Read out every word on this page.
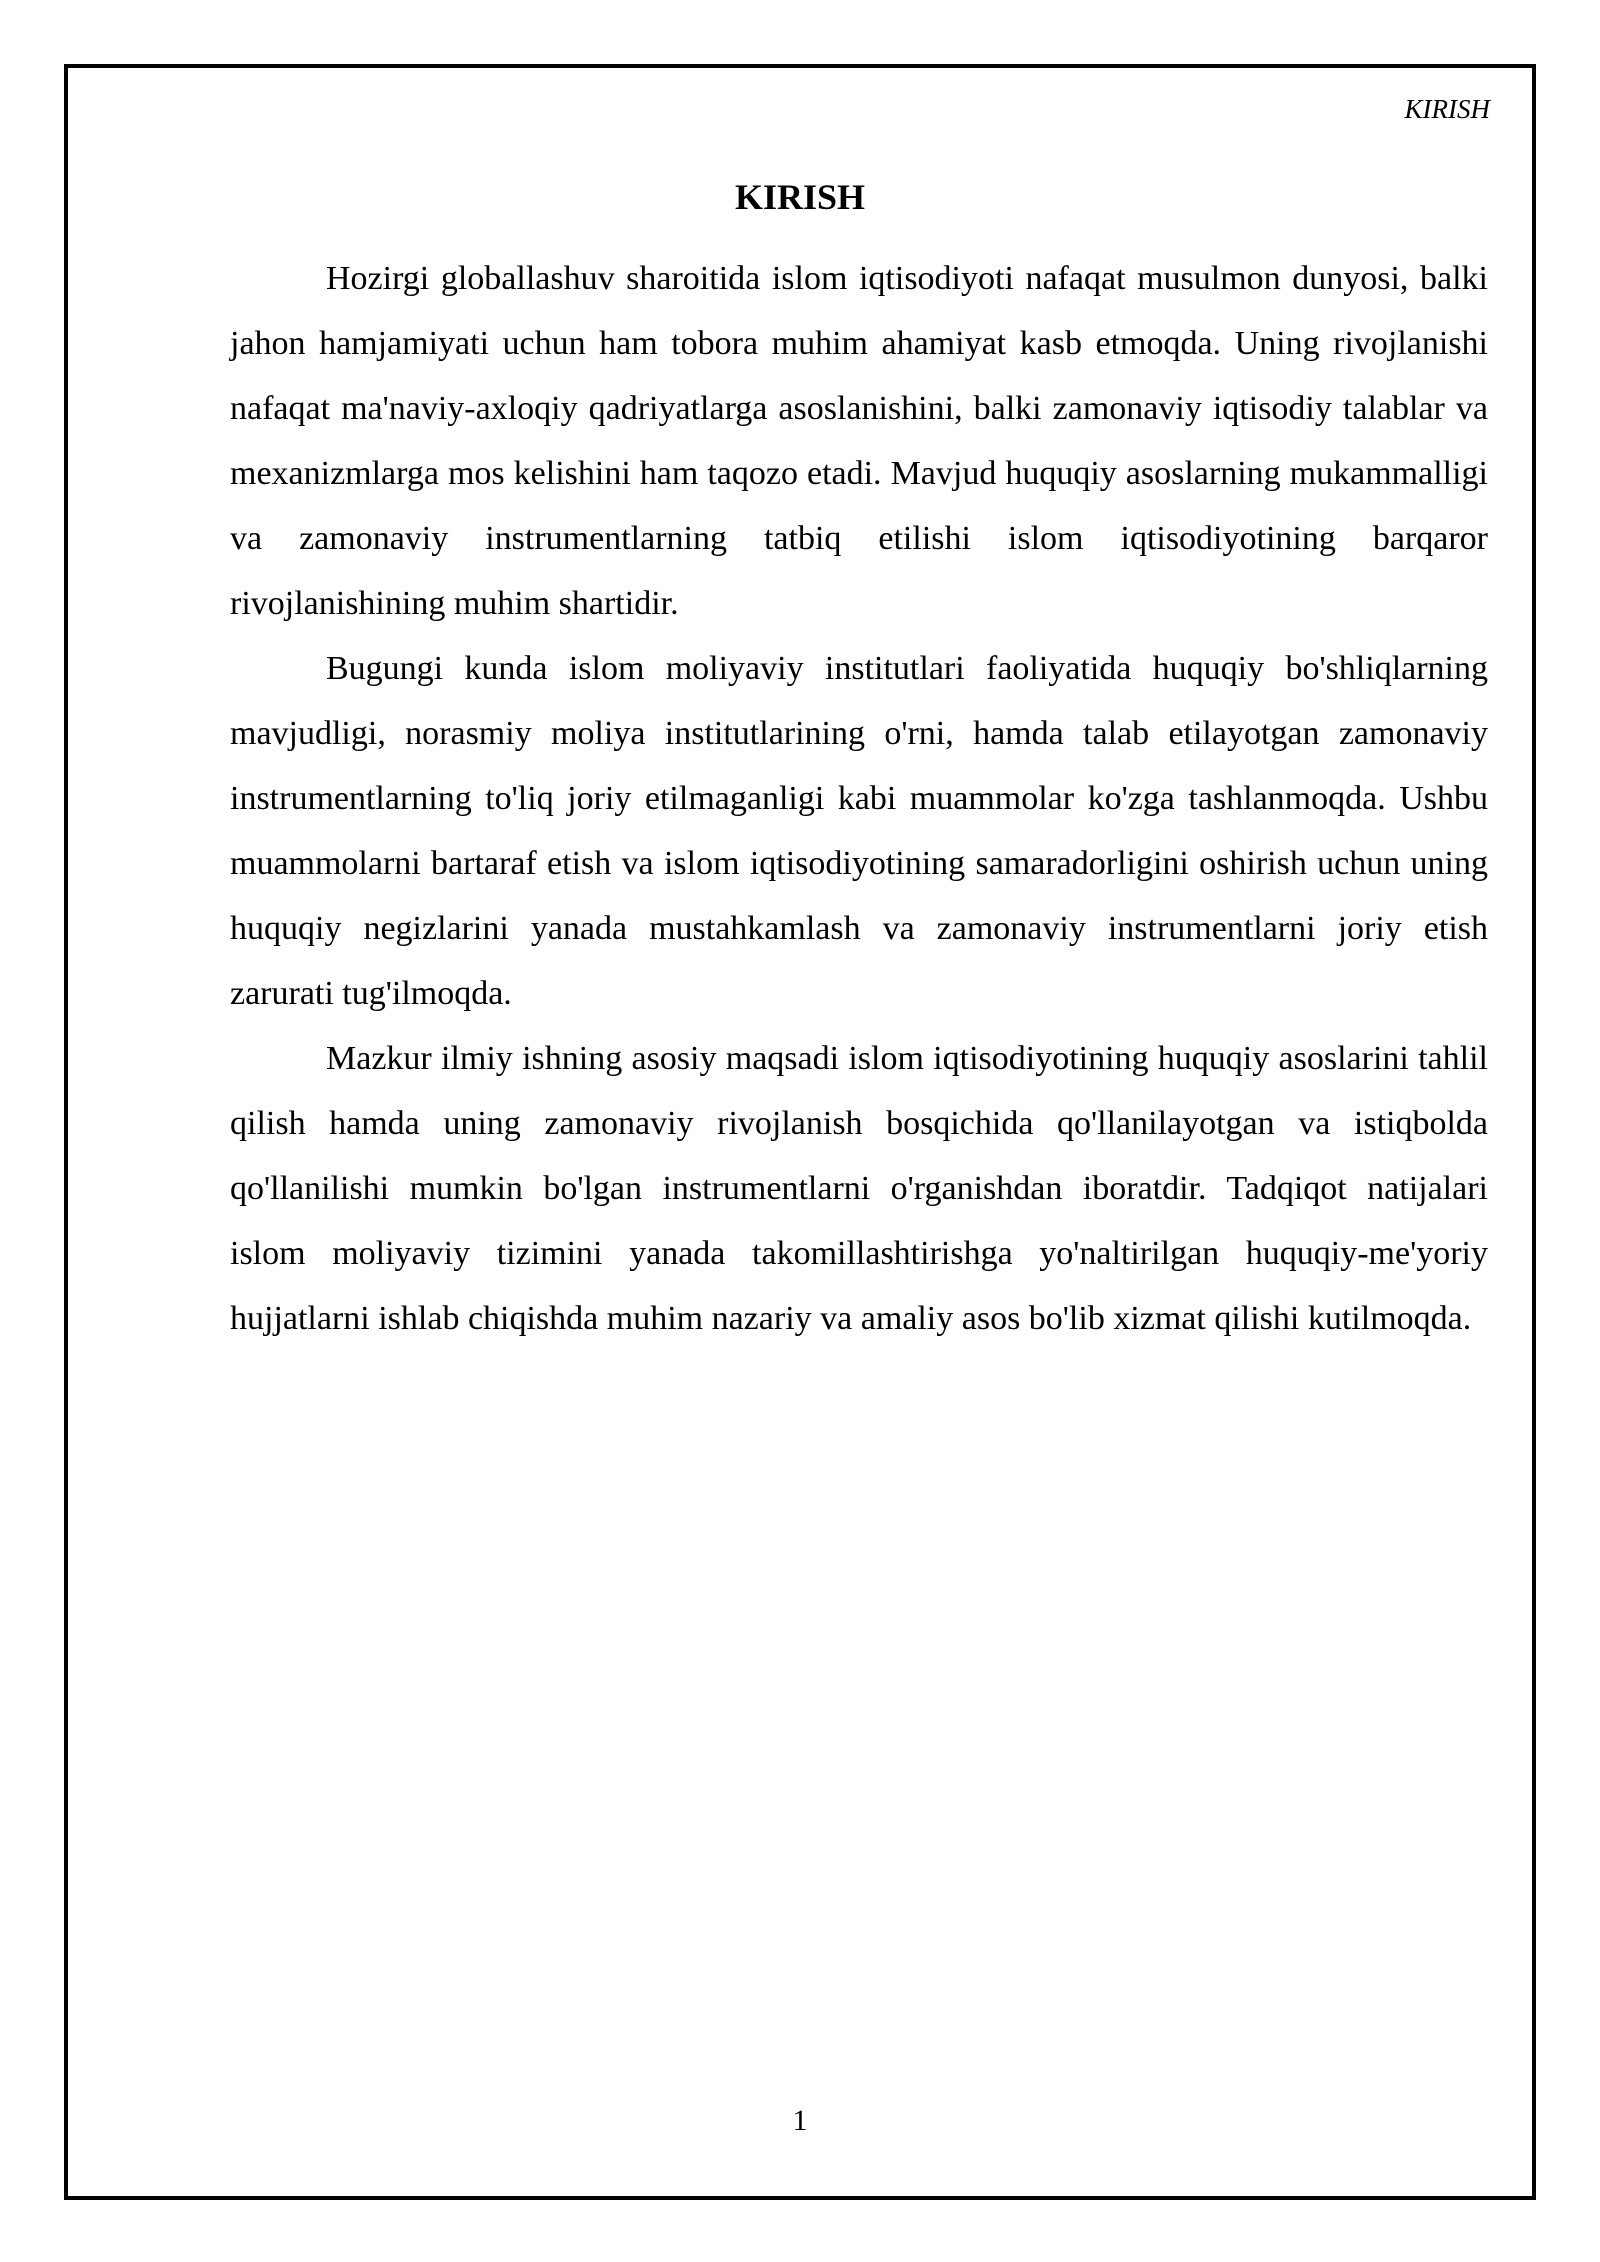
KIRISH
KIRISH

Hozirgi globallashuv sharoitida islom iqtisodiyoti nafaqat musulmon dunyosi, balki jahon hamjamiyati uchun ham tobora muhim ahamiyat kasb etmoqda. Uning rivojlanishi nafaqat ma'naviy-axloqiy qadriyatlarga asoslanishini, balki zamonaviy iqtisodiy talablar va mexanizmlarga mos kelishini ham taqozo etadi. Mavjud huquqiy asoslarning mukammalligi va zamonaviy instrumentlarning tatbiq etilishi islom iqtisodiyotining barqaror rivojlanishining muhim shartidir.

Bugungi kunda islom moliyaviy institutlari faoliyatida huquqiy bo'shliqlarning mavjudligi, norasmiy moliya institutlarining o'rni, hamda talab etilayotgan zamonaviy instrumentlarning to'liq joriy etilmaganligi kabi muammolar ko'zga tashlanmoqda. Ushbu muammolarni bartaraf etish va islom iqtisodiyotining samaradorligini oshirish uchun uning huquqiy negizlarini yanada mustahkamlash va zamonaviy instrumentlarni joriy etish zarurati tug'ilmoqda.

Mazkur ilmiy ishning asosiy maqsadi islom iqtisodiyotining huquqiy asoslarini tahlil qilish hamda uning zamonaviy rivojlanish bosqichida qo'llanilayotgan va istiqbolda qo'llanilishi mumkin bo'lgan instrumentlarni o'rganishdan iboratdir. Tadqiqot natijalari islom moliyaviy tizimini yanada takomillashtirishga yo'naltirilgan huquqiy-me'yoriy hujjatlarni ishlab chiqishda muhim nazariy va amaliy asos bo'lib xizmat qilishi kutilmoqda.

1
